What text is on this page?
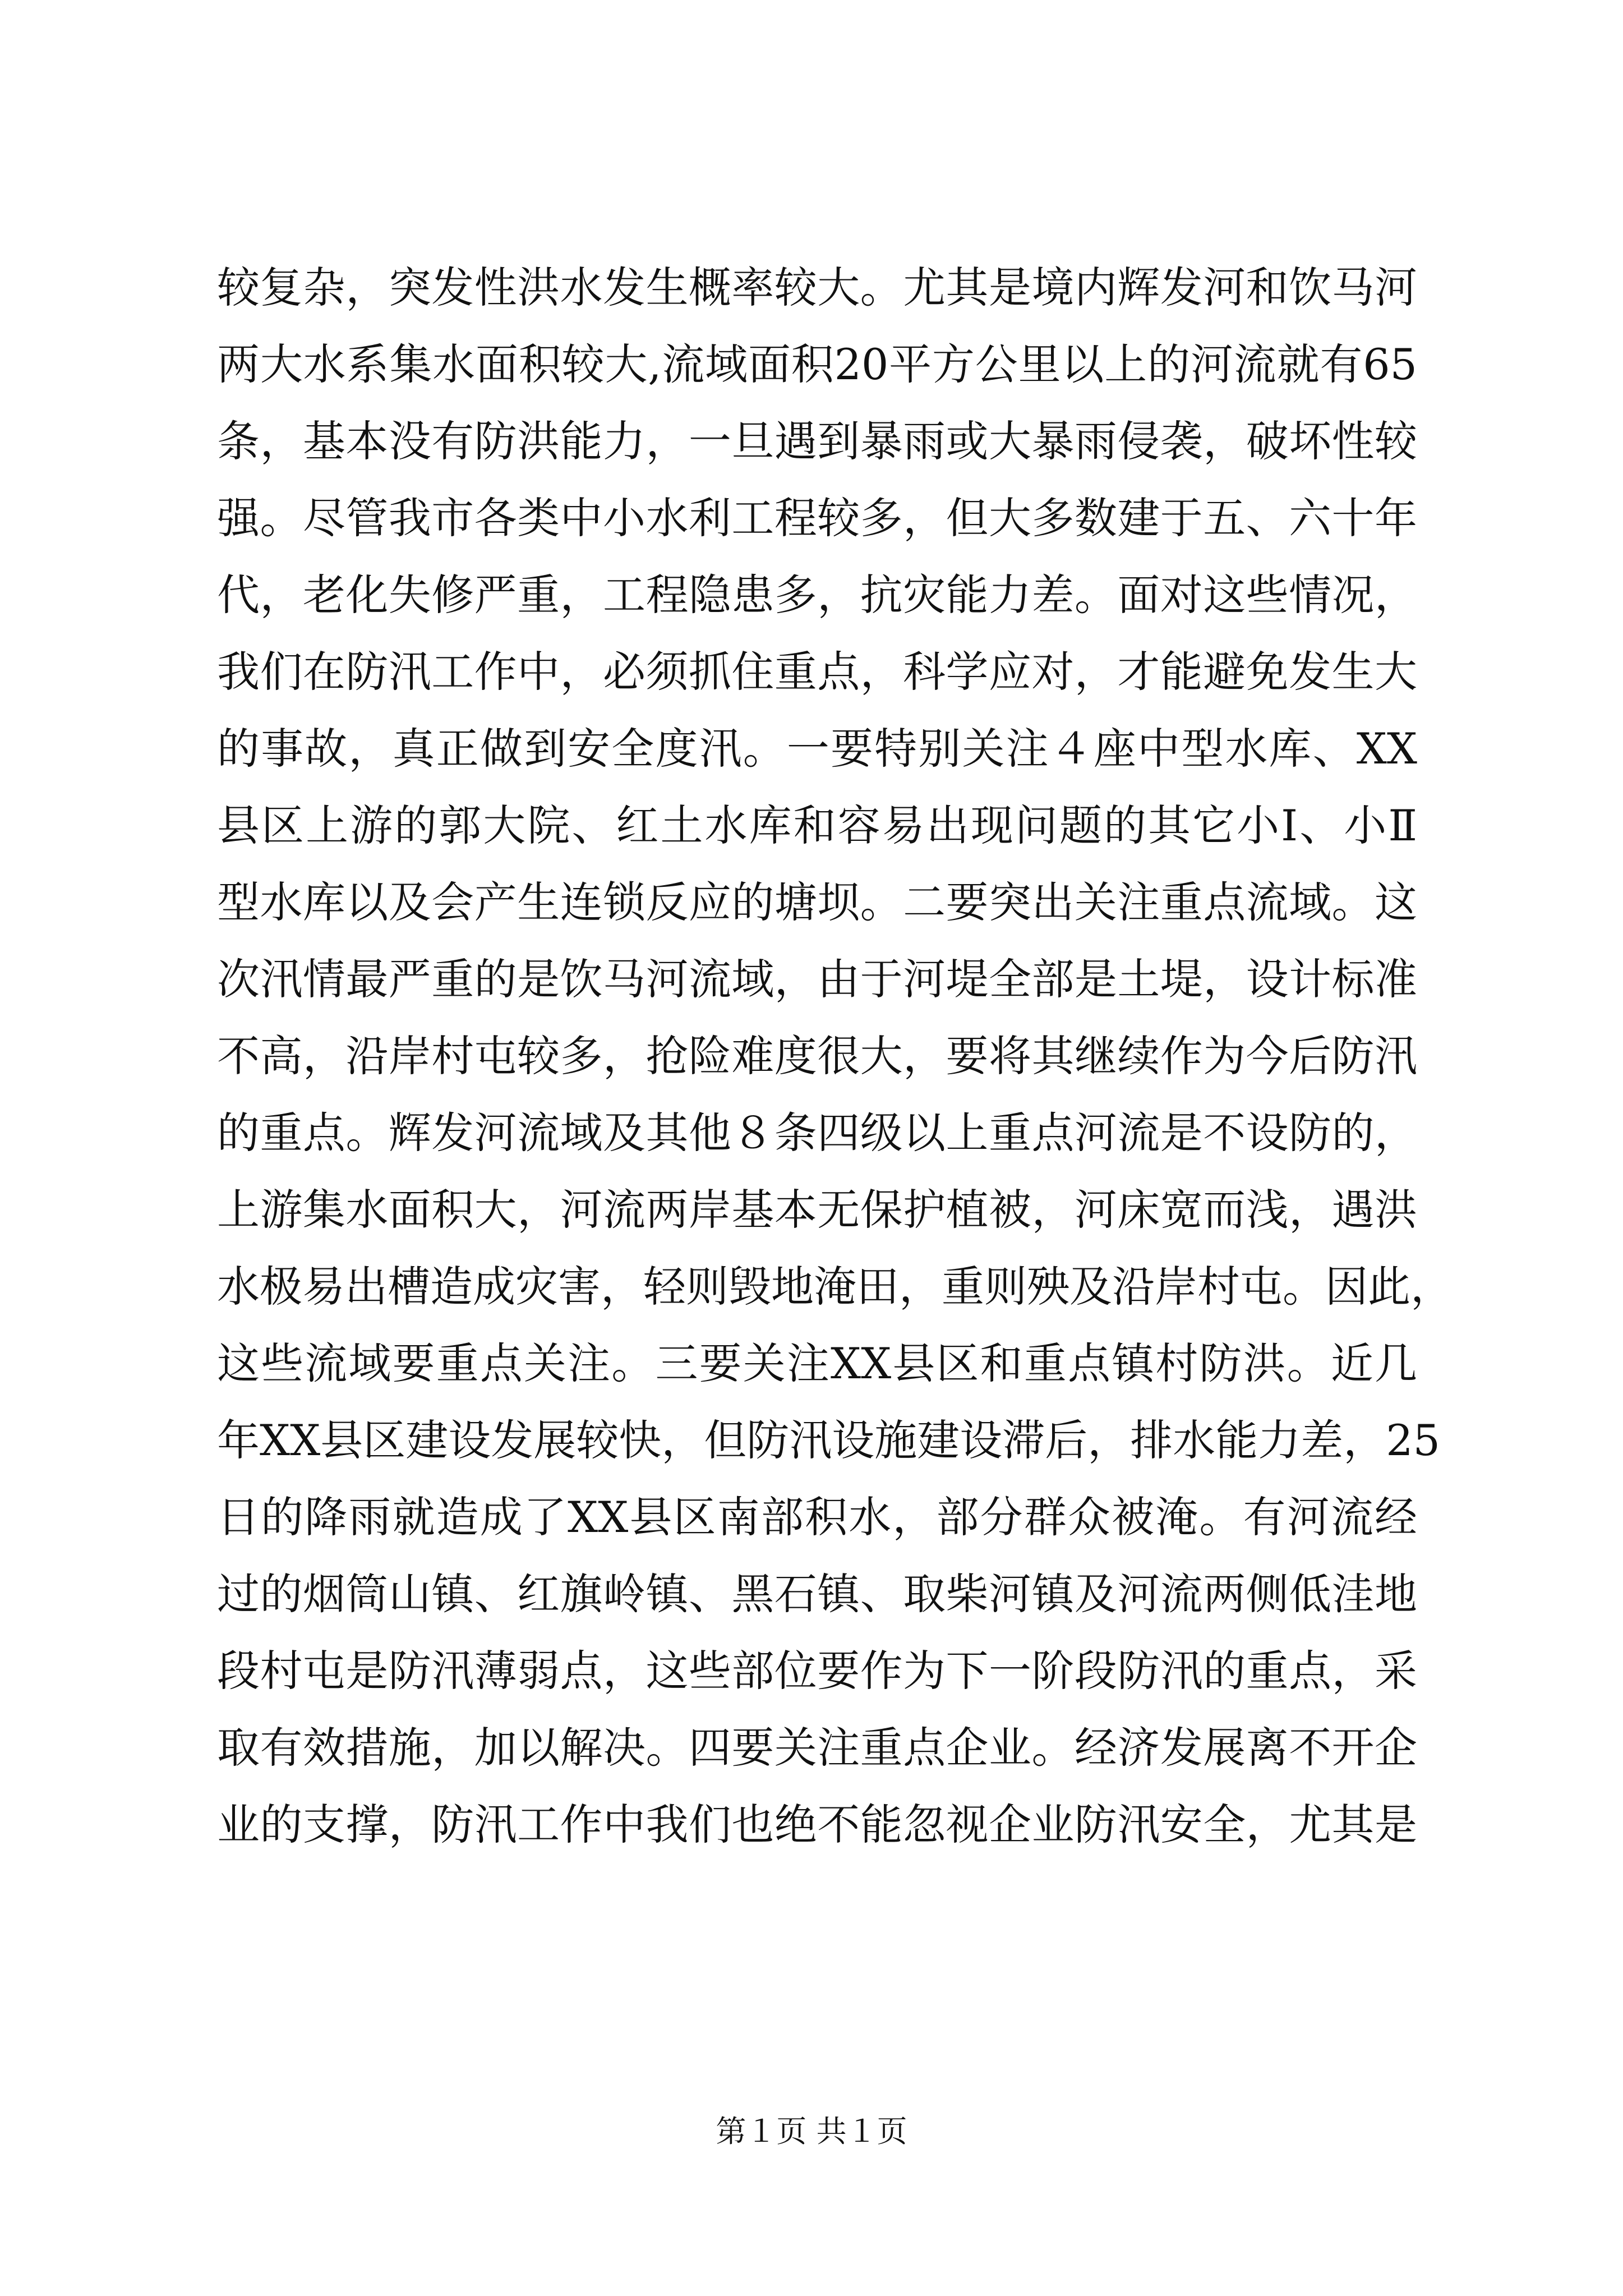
较复杂，突发性洪水发生概率较大。尤其是境内辉发河和饮马河
两大水系集水面积较大,流域面积20平方公里以上的河流就有65
条，基本没有防洪能力，一旦遇到暴雨或大暴雨侵袭，破坏性较
强。尽管我市各类中小水利工程较多，但大多数建于五、六十年
代，老化失修严重，工程隐患多，抗灾能力差。面对这些情况，
我们在防汛工作中，必须抓住重点，科学应对，才能避免发生大
的事故，真正做到安全度汛。一要特别关注４座中型水库、XX
县区上游的郭大院、红土水库和容易出现问题的其它小Ⅰ、小Ⅱ
型水库以及会产生连锁反应的塘坝。二要突出关注重点流域。这
次汛情最严重的是饮马河流域，由于河堤全部是土堤，设计标准
不高，沿岸村屯较多，抢险难度很大，要将其继续作为今后防汛
的重点。辉发河流域及其他８条四级以上重点河流是不设防的，
上游集水面积大，河流两岸基本无保护植被，河床宽而浅，遇洪
水极易出槽造成灾害，轻则毁地淹田，重则殃及沿岸村屯。因此，
这些流域要重点关注。三要关注XX县区和重点镇村防洪。近几
年XX县区建设发展较快，但防汛设施建设滞后，排水能力差，25
日的降雨就造成了XX县区南部积水，部分群众被淹。有河流经
过的烟筒山镇、红旗岭镇、黑石镇、取柴河镇及河流两侧低洼地
段村屯是防汛薄弱点，这些部位要作为下一阶段防汛的重点，采
取有效措施，加以解决。四要关注重点企业。经济发展离不开企
业的支撑，防汛工作中我们也绝不能忽视企业防汛安全，尤其是
第１页 共１页
